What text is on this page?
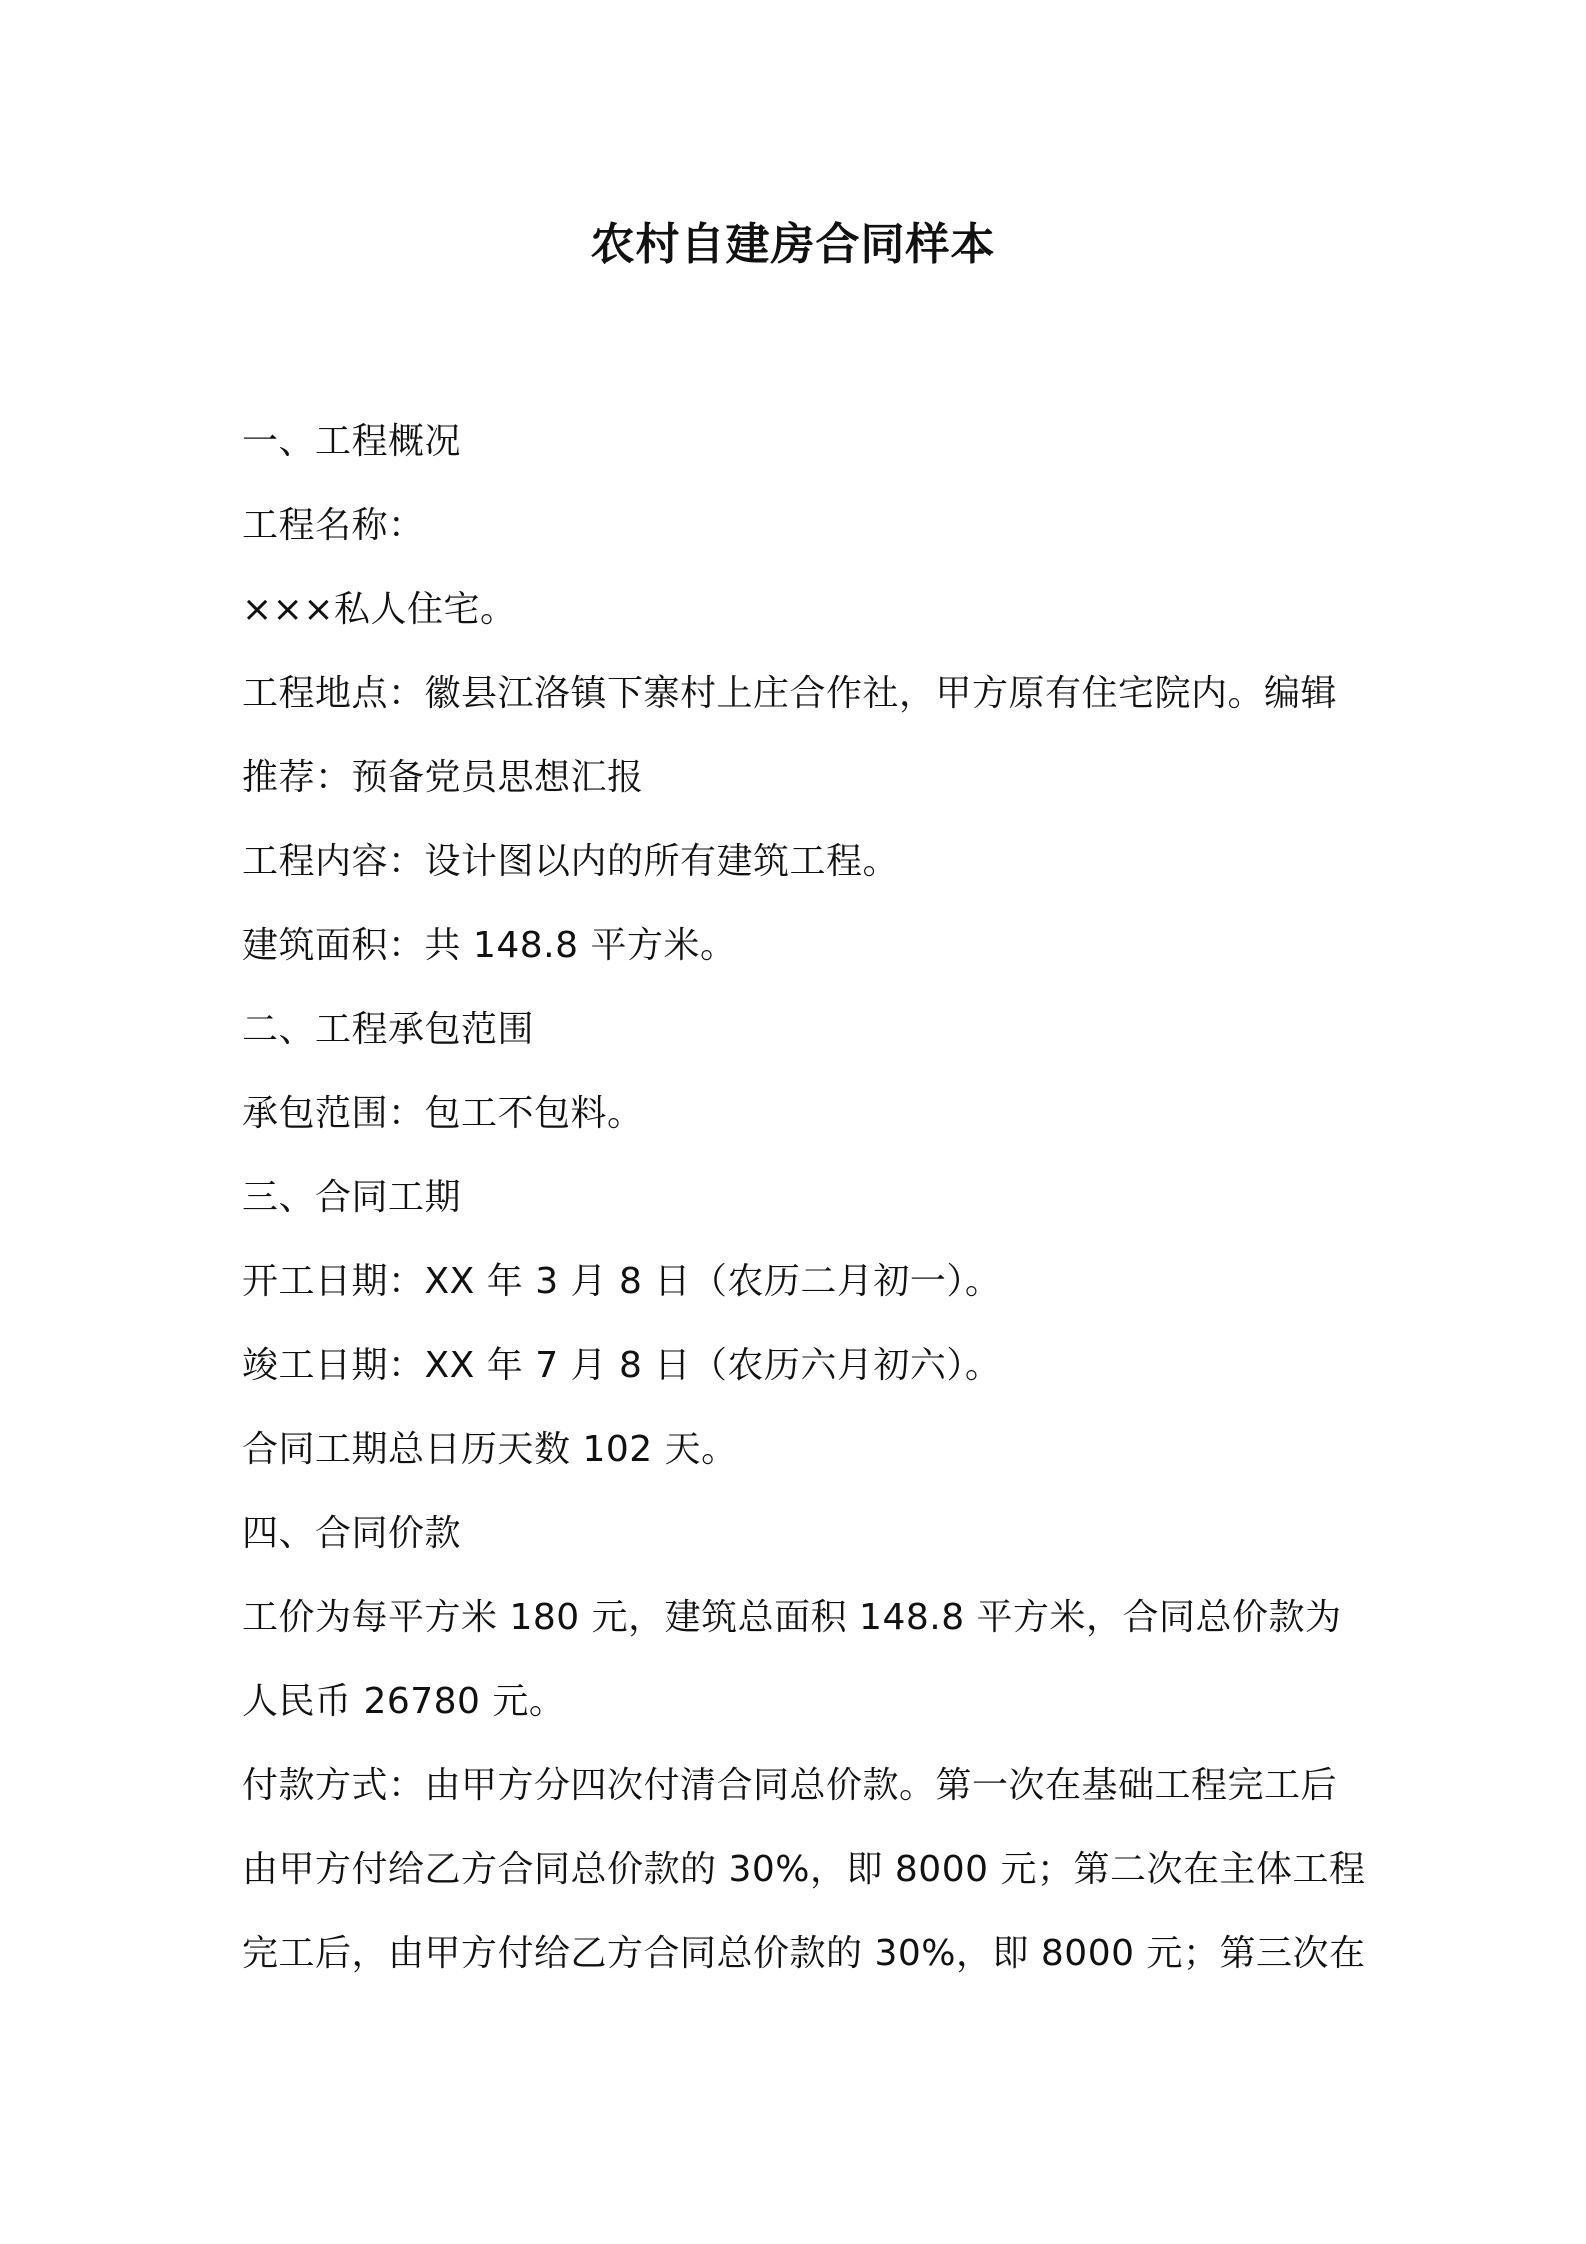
农村自建房合同样本
一、工程概况
工程名称：
×××私人住宅。
工程地点：徽县江洛镇下寨村上庄合作社，甲方原有住宅院内。编辑
推荐：预备党员思想汇报
工程内容：设计图以内的所有建筑工程。
建筑面积：共 148.8 平方米。
二、工程承包范围
承包范围：包工不包料。
三、合同工期
开工日期：XX 年 3 月 8 日（农历二月初一）。
竣工日期：XX 年 7 月 8 日（农历六月初六）。
合同工期总日历天数 102 天。
四、合同价款
工价为每平方米 180 元，建筑总面积 148.8 平方米，合同总价款为
人民币 26780 元。
付款方式：由甲方分四次付清合同总价款。第一次在基础工程完工后
由甲方付给乙方合同总价款的 30%，即 8000 元；第二次在主体工程
完工后，由甲方付给乙方合同总价款的 30%，即 8000 元；第三次在
